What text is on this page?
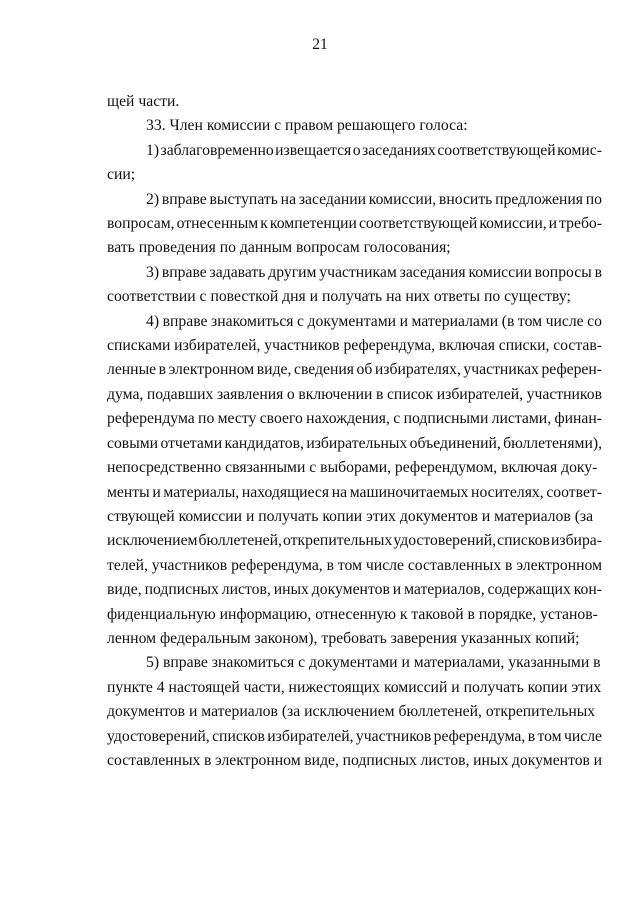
21

щей части.

33. Член комиссии с правом решающего голоса:

1) заблаговременно извещается о заседаниях соответствующей комис-
сии;

2) вправе выступать на заседании комиссии, вносить предложения по
вопросам, отнесенным к компетенции соответствующей комиссии, и требо-
вать проведения по данным вопросам голосования;

3) вправе задавать другим участникам заседания комиссии вопросы в
соответствии с повесткой дня и получать на них ответы по существу;

4) вправе знакомиться с документами и материалами (в том числе со
списками избирателей, участников референдума, включая списки, состав-
ленные в электронном виде, сведения об избирателях, участниках референ-
дума, подавших заявления о включении в список избирателей, участников
референдума по месту своего нахождения, с подписными листами, финан-
совыми отчетами кандидатов, избирательных объединений, бюллетенями),
непосредственно связанными с выборами, референдумом, включая доку-
менты и материалы, находящиеся на машиночитаемых носителях, соответ-
ствующей комиссии и получать копии этих документов и материалов (за
исключением бюллетеней, открепительных удостоверений, списков избира-
телей, участников референдума, в том числе составленных в электронном
виде, подписных листов, иных документов и материалов, содержащих кон-
фиденциальную информацию, отнесенную к таковой в порядке, установ-
ленном федеральным законом), требовать заверения указанных копий;

5) вправе знакомиться с документами и материалами, указанными в
пункте 4 настоящей части, нижестоящих комиссий и получать копии этих
документов и материалов (за исключением бюллетеней, открепительных
удостоверений, списков избирателей, участников референдума, в том числе
составленных в электронном виде, подписных листов, иных документов и
